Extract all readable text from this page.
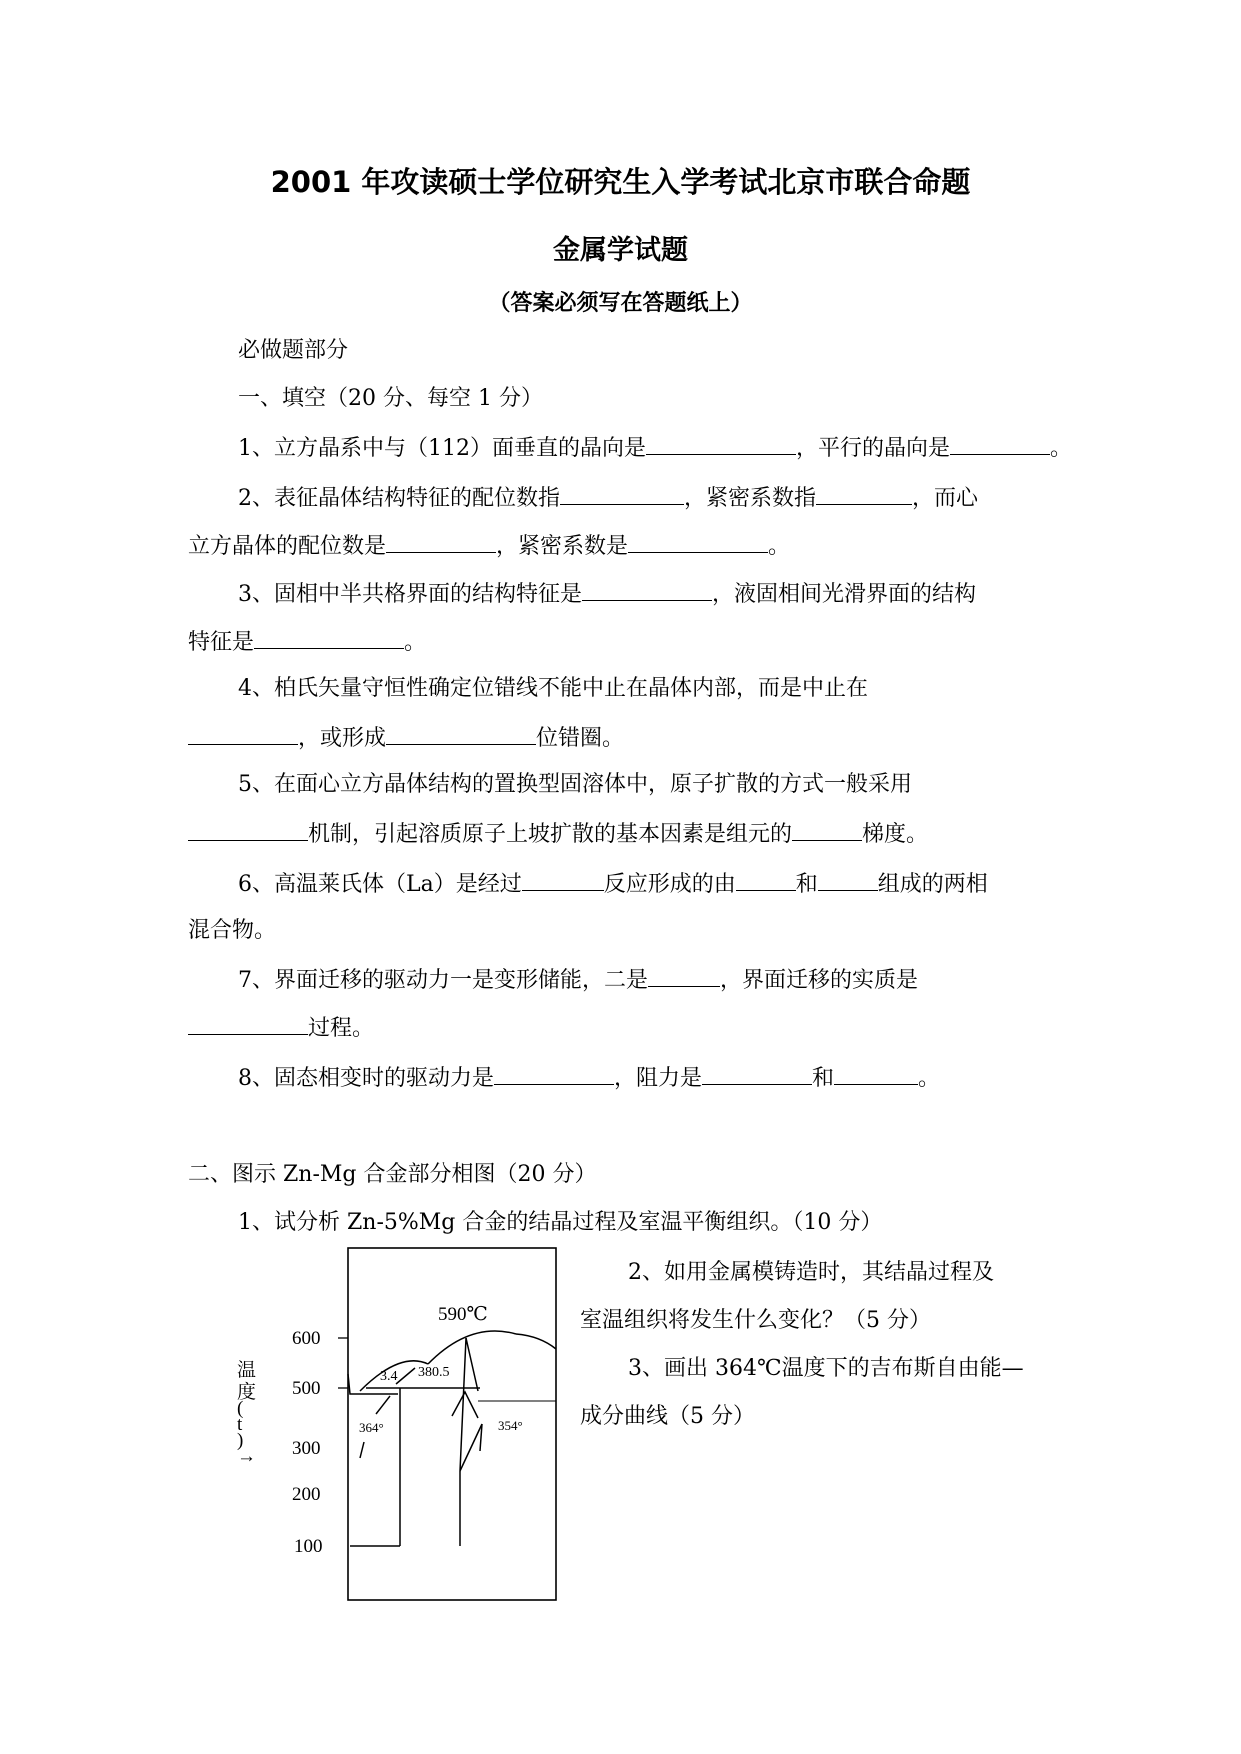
2001 年攻读硕士学位研究生入学考试北京市联合命题
金属学试题
（答案必须写在答题纸上）
必做题部分
一、填空（20 分、每空 1 分）
1、立方晶系中与（112）面垂直的晶向是	，平行的晶向是	。
2、表征晶体结构特征的配位数指	，紧密系数指	，而心
立方晶体的配位数是	，紧密系数是	。
3、固相中半共格界面的结构特征是	，液固相间光滑界面的结构
特征是	。
4、柏氏矢量守恒性确定位错线不能中止在晶体内部，而是中止在
，或形成	位错圈。
5、在面心立方晶体结构的置换型固溶体中，原子扩散的方式一般采用
机制，引起溶质原子上坡扩散的基本因素是组元的	梯度。
6、高温莱氏体（La）是经过	反应形成的由	和	组成的两相
混合物。
7、界面迁移的驱动力一是变形储能，二是	，界面迁移的实质是
过程。
8、固态相变时的驱动力是	，阻力是	和	。
二、图示 Zn-Mg 合金部分相图（20 分）
1、试分析 Zn-5%Mg 合金的结晶过程及室温平衡组织。（10 分）
2、如用金属模铸造时，其结晶过程及
室温组织将发生什么变化？（5 分）
3、画出 364℃温度下的吉布斯自由能—
成分曲线（5 分）
温度( t ) →
600
500
300
200
100
590℃
3.4 380.5
364°	354°
